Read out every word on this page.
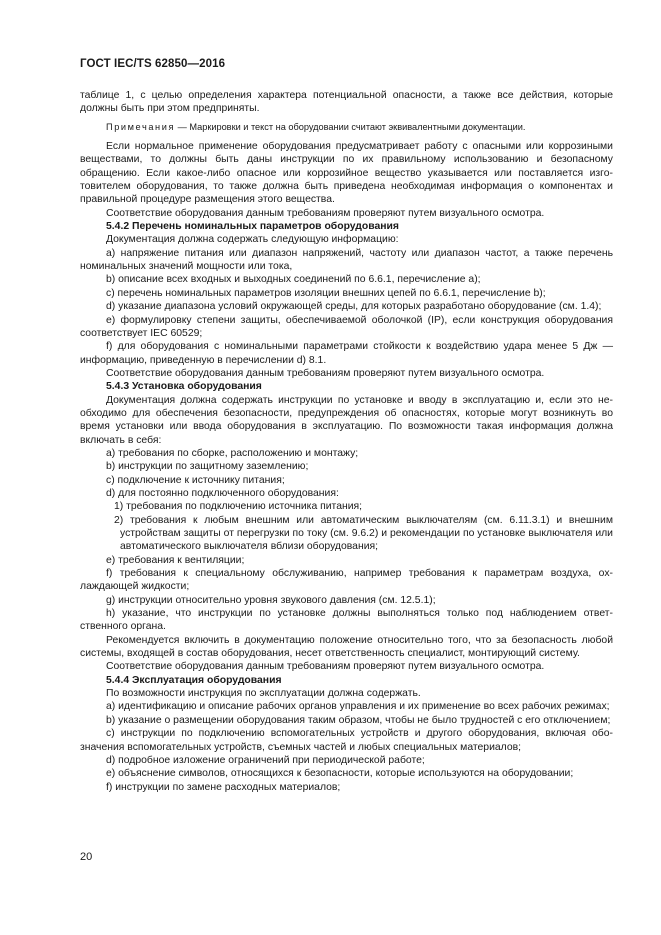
ГОСТ IEC/TS 62850—2016

таблице 1, с целью определения характера потенциальной опасности, а также все действия, которые должны быть при этом предприняты.

Примечания — Маркировки и текст на оборудовании считают эквивалентными документации.

Если нормальное применение оборудования предусматривает работу с опасными или коррозиными веществами, то должны быть даны инструкции по их правильному использованию и безопасному обращению. Если какое-либо опасное или коррозийное вещество указывается или поставляется изготовителем оборудования, то также должна быть приведена необходимая информация о компонентах и правильной процедуре размещения этого вещества.

Соответствие оборудования данным требованиям проверяют путем визуального осмотра.

5.4.2 Перечень номинальных параметров оборудования

Документация должна содержать следующую информацию:

a) напряжение питания или диапазон напряжений, частоту или диапазон частот, а также перечень номинальных значений мощности или тока,

b) описание всех входных и выходных соединений по 6.6.1, перечисление a);

c) перечень номинальных параметров изоляции внешних цепей по 6.6.1, перечисление b);

d) указание диапазона условий окружающей среды, для которых разработано оборудование (см. 1.4);

e) формулировку степени защиты, обеспечиваемой оболочкой (IP), если конструкция оборудования соответствует IEC 60529;

f) для оборудования с номинальными параметрами стойкости к воздействию удара менее 5 Дж — информацию, приведенную в перечислении d) 8.1.

Соответствие оборудования данным требованиям проверяют путем визуального осмотра.

5.4.3 Установка оборудования

Документация должна содержать инструкции по установке и вводу в эксплуатацию и, если это необходимо для обеспечения безопасности, предупреждения об опасностях, которые могут возникнуть во время установки или ввода оборудования в эксплуатацию. По возможности такая информация должна включать в себя:

a) требования по сборке, расположению и монтажу;

b) инструкции по защитному заземлению;

c) подключение к источнику питания;

d) для постоянно подключенного оборудования:

1) требования по подключению источника питания;

2) требования к любым внешним или автоматическим выключателям (см. 6.11.3.1) и внешним устройствам защиты от перегрузки по току (см. 9.6.2) и рекомендации по установке выключателя или автоматического выключателя вблизи оборудования;

e) требования к вентиляции;

f) требования к специальному обслуживанию, например требования к параметрам воздуха, охлаждающей жидкости;

g) инструкции относительно уровня звукового давления (см. 12.5.1);

h) указание, что инструкции по установке должны выполняться только под наблюдением ответственного органа.

Рекомендуется включить в документацию положение относительно того, что за безопасность любой системы, входящей в состав оборудования, несет ответственность специалист, монтирующий систему.

Соответствие оборудования данным требованиям проверяют путем визуального осмотра.

5.4.4 Эксплуатация оборудования

По возможности инструкция по эксплуатации должна содержать.

a) идентификацию и описание рабочих органов управления и их применение во всех рабочих режимах;

b) указание о размещении оборудования таким образом, чтобы не было трудностей с его отключением;

c) инструкции по подключению вспомогательных устройств и другого оборудования, включая обозначения вспомогательных устройств, съемных частей и любых специальных материалов;

d) подробное изложение ограничений при периодической работе;

e) объяснение символов, относящихся к безопасности, которые используются на оборудовании;

f) инструкции по замене расходных материалов;

20
